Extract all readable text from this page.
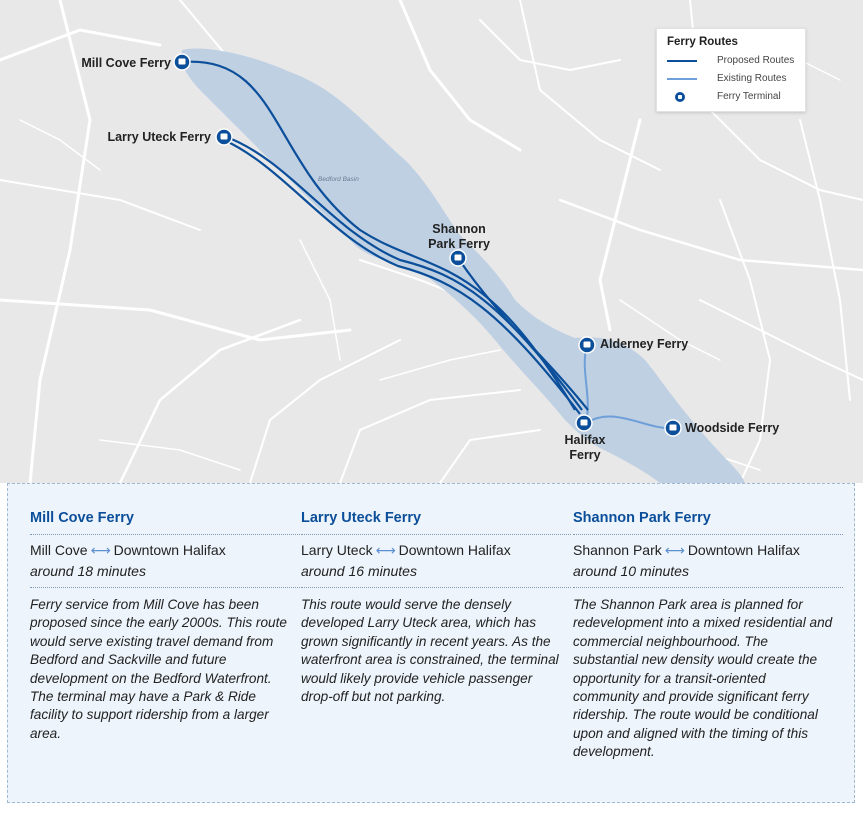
Bedford Basin
Mill Cove Ferry
Larry Uteck Ferry
Shannon
Park Ferry
Alderney Ferry
Halifax
Ferry
Woodside Ferry
Ferry Routes
Proposed Routes
Existing Routes
Ferry Terminal
Mill Cove Ferry
Mill Cove ⟷ Downtown Halifax
around 18 minutes
Ferry service from Mill Cove has been proposed since the early 2000s. This route would serve existing travel demand from Bedford and Sackville and future development on the Bedford Waterfront. The terminal may have a Park & Ride facility to support ridership from a larger area.
Larry Uteck Ferry
Larry Uteck ⟷ Downtown Halifax
around 16 minutes
This route would serve the densely developed Larry Uteck area, which has grown significantly in recent years. As the waterfront area is constrained, the terminal would likely provide vehicle passenger drop-off but not parking.
Shannon Park Ferry
Shannon Park ⟷ Downtown Halifax
around 10 minutes
The Shannon Park area is planned for redevelopment into a mixed residential and commercial neighbourhood. The substantial new density would create the opportunity for a transit-oriented community and provide significant ferry ridership. The route would be conditional upon and aligned with the timing of this development.
